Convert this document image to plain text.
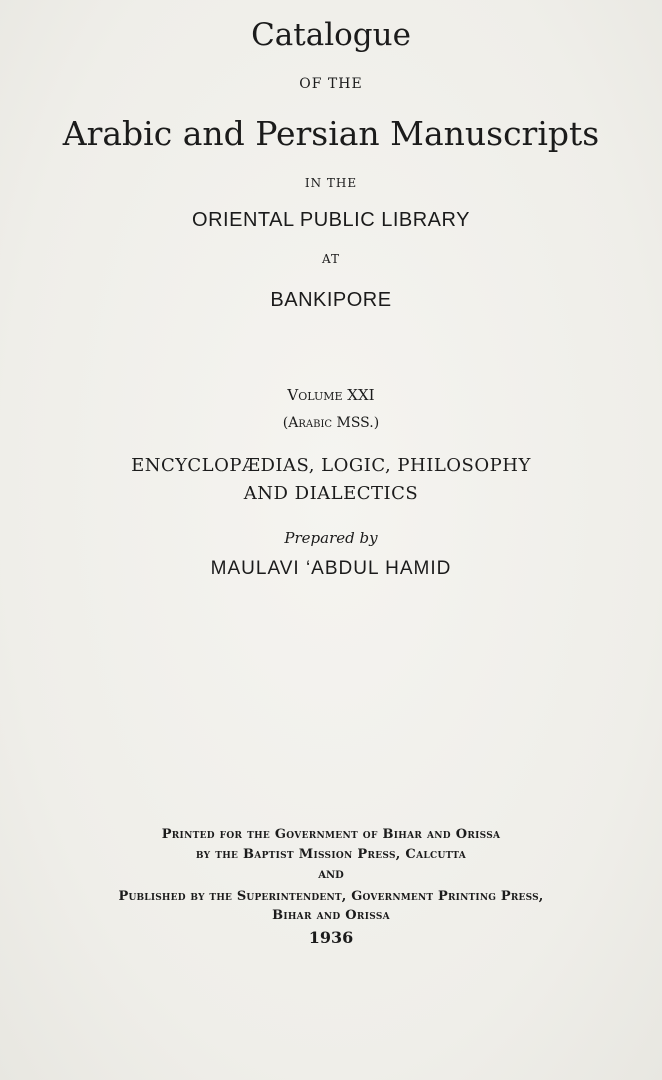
Catalogue
OF THE
Arabic and Persian Manuscripts
IN THE
ORIENTAL PUBLIC LIBRARY
AT
BANKIPORE
Volume XXI
(Arabic MSS.)
ENCYCLOPÆDIAS, LOGIC, PHILOSOPHY
AND DIALECTICS
Prepared by
MAULAVI ‘ABDUL HAMID
Printed for the Government of Bihar and Orissa
by the Baptist Mission Press, Calcutta
AND
Published by the Superintendent, Government Printing Press,
Bihar and Orissa
1936
